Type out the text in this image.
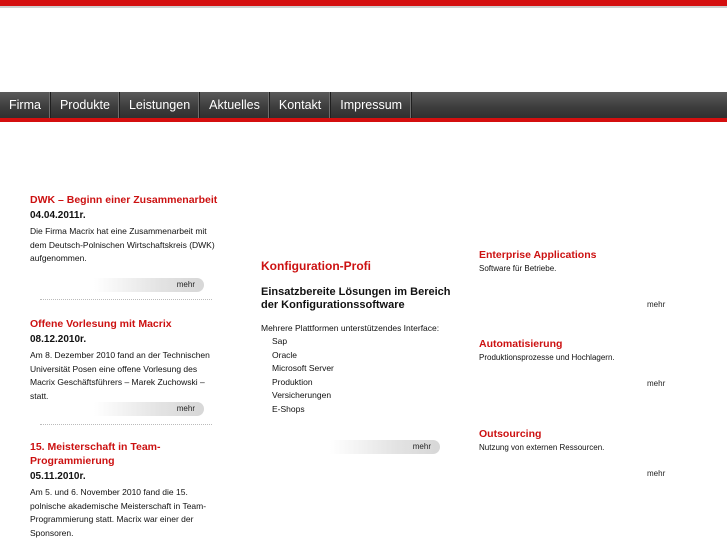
Firma	Produkte	Leistungen	Aktuelles	Kontakt	Impressum
DWK – Beginn einer Zusammenarbeit
04.04.2011r.
Die Firma Macrix hat eine Zusammenarbeit mit dem Deutsch-Polnischen Wirtschaftskreis (DWK) aufgenommen.
mehr
Offene Vorlesung mit Macrix
08.12.2010r.
Am 8. Dezember 2010 fand an der Technischen Universität Posen eine offene Vorlesung des Macrix Geschäftsführers – Marek Zuchowski – statt.
mehr
15. Meisterschaft in Team-Programmierung
05.11.2010r.
Am 5. und 6. November 2010 fand die 15. polnische akademische Meisterschaft in Team-Programmierung statt. Macrix war einer der Sponsoren.
Konfiguration-Profi
Einsatzbereite Lösungen im Bereich der Konfigurationssoftware
Mehrere Plattformen unterstützendes Interface:
Sap
Oracle
Microsoft Server
Produktion
Versicherungen
E-Shops
mehr
Enterprise Applications
Software für Betriebe.
mehr
Automatisierung
Produktionsprozesse und Hochlagern.
mehr
Outsourcing
Nutzung von externen Ressourcen.
mehr
